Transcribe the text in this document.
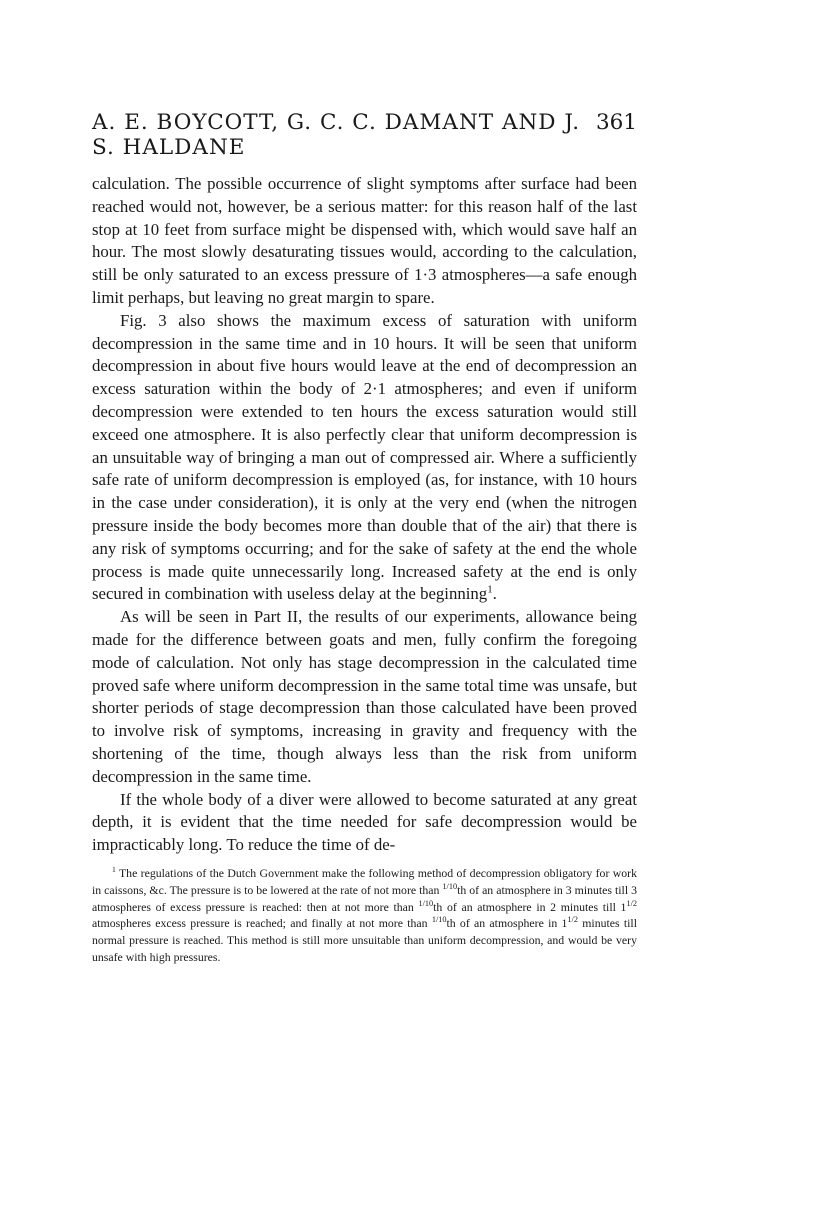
A. E. BOYCOTT, G. C. C. DAMANT AND J. S. HALDANE
361

calculation. The possible occurrence of slight symptoms after surface had been reached would not, however, be a serious matter: for this reason half of the last stop at 10 feet from surface might be dispensed with, which would save half an hour. The most slowly desaturating tissues would, according to the calculation, still be only saturated to an excess pressure of 1·3 atmospheres—a safe enough limit perhaps, but leaving no great margin to spare.

Fig. 3 also shows the maximum excess of saturation with uniform decompression in the same time and in 10 hours. It will be seen that uniform decompression in about five hours would leave at the end of decompression an excess saturation within the body of 2·1 atmospheres; and even if uniform decompression were extended to ten hours the excess saturation would still exceed one atmosphere. It is also perfectly clear that uniform decompression is an unsuitable way of bringing a man out of compressed air. Where a sufficiently safe rate of uniform decompression is employed (as, for instance, with 10 hours in the case under consideration), it is only at the very end (when the nitrogen pressure inside the body becomes more than double that of the air) that there is any risk of symptoms occurring; and for the sake of safety at the end the whole process is made quite unnecessarily long. Increased safety at the end is only secured in combination with useless delay at the beginning$^1$.

As will be seen in Part II, the results of our experiments, allowance being made for the difference between goats and men, fully confirm the foregoing mode of calculation. Not only has stage decompression in the calculated time proved safe where uniform decompression in the same total time was unsafe, but shorter periods of stage decompression than those calculated have been proved to involve risk of symptoms, increasing in gravity and frequency with the shortening of the time, though always less than the risk from uniform decompression in the same time.

If the whole body of a diver were allowed to become saturated at any great depth, it is evident that the time needed for safe decompression would be impracticably long. To reduce the time of de-

$^1$ The regulations of the Dutch Government make the following method of decompression obligatory for work in caissons, &c. The pressure is to be lowered at the rate of not more than $^{1/10}$th of an atmosphere in 3 minutes till 3 atmospheres of excess pressure is reached: then at not more than $^{1/10}$th of an atmosphere in 2 minutes till $1^{1/2}$ atmospheres excess pressure is reached; and finally at not more than $^{1/10}$th of an atmosphere in $1^{1/2}$ minutes till normal pressure is reached. This method is still more unsuitable than uniform decompression, and would be very unsafe with high pressures.
